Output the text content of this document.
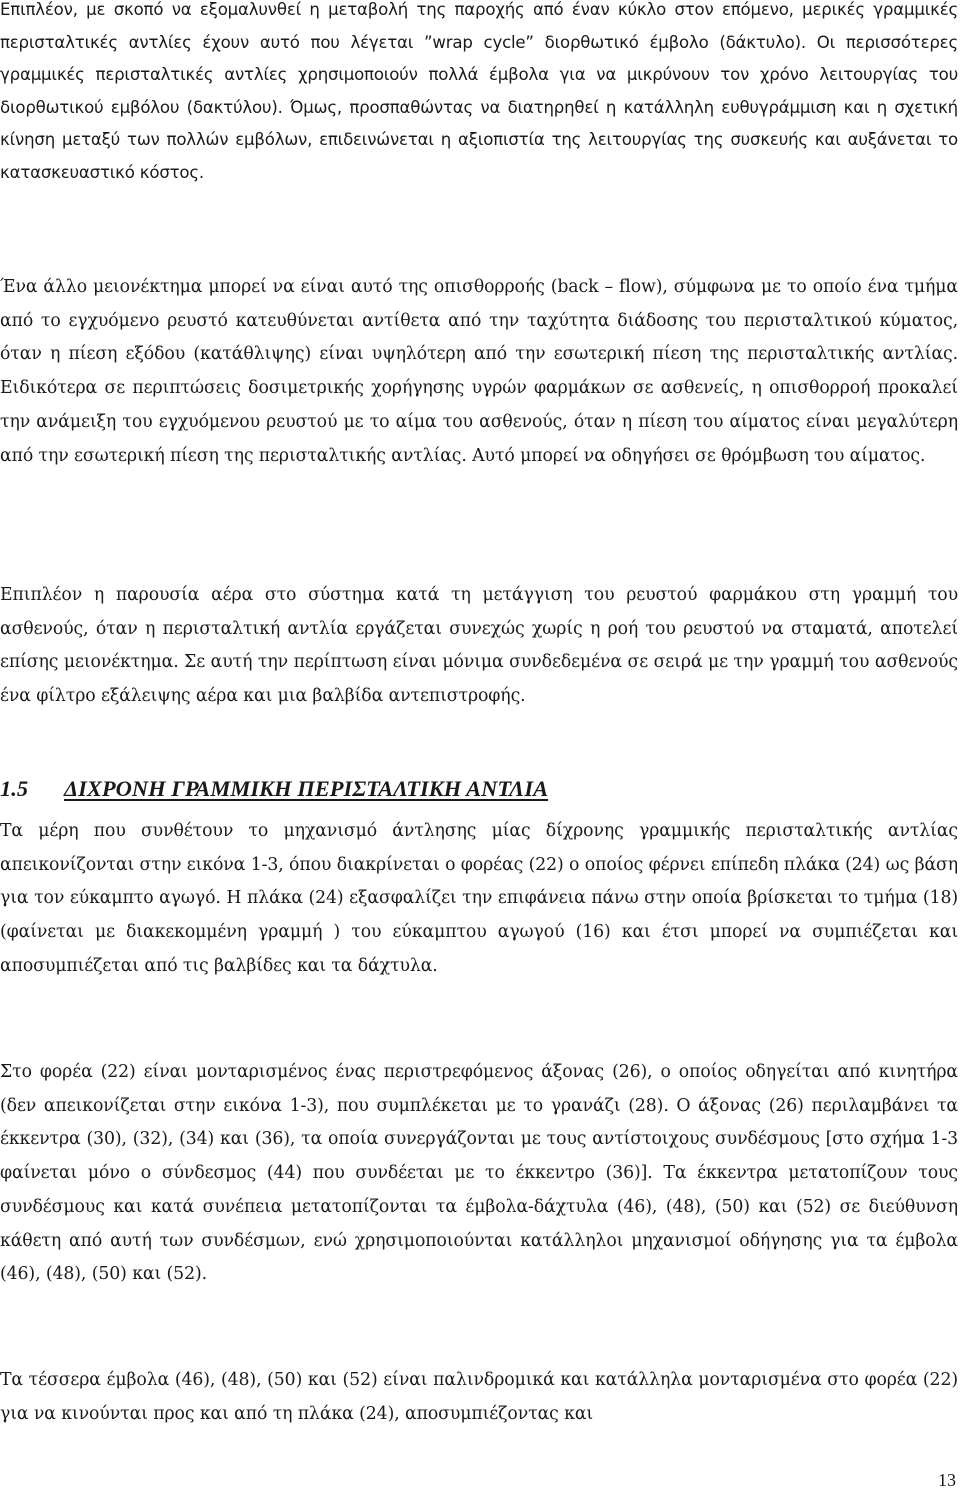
Επιπλέον, με σκοπό να εξομαλυνθεί η μεταβολή της παροχής από έναν κύκλο στον επόμενο, μερικές γραμμικές περισταλτικές αντλίες έχουν αυτό που λέγεται ”wrap cycle” διορθωτικό έμβολο (δάκτυλο). Οι περισσότερες γραμμικές περισταλτικές αντλίες χρησιμοποιούν πολλά έμβολα για να μικρύνουν τον χρόνο λειτουργίας του διορθωτικού εμβόλου (δακτύλου). Όμως, προσπαθώντας να διατηρηθεί η κατάλληλη ευθυγράμμιση και η σχετική κίνηση μεταξύ των πολλών εμβόλων, επιδεινώνεται η αξιοπιστία της λειτουργίας της συσκευής και αυξάνεται το κατασκευαστικό κόστος.

Ένα άλλο μειονέκτημα μπορεί να είναι αυτό της οπισθορροής (back – flow), σύμφωνα με το οποίο ένα τμήμα από το εγχυόμενο ρευστό κατευθύνεται αντίθετα από την ταχύτητα διάδοσης του περισταλτικού κύματος, όταν η πίεση εξόδου (κατάθλιψης) είναι υψηλότερη από την εσωτερική πίεση της περισταλτικής αντλίας. Ειδικότερα σε περιπτώσεις δοσιμετρικής χορήγησης υγρών φαρμάκων σε ασθενείς, η οπισθορροή προκαλεί την ανάμειξη του εγχυόμενου ρευστού με το αίμα του ασθενούς, όταν η πίεση του αίματος είναι μεγαλύτερη από την εσωτερική πίεση της περισταλτικής αντλίας. Αυτό μπορεί να οδηγήσει σε θρόμβωση του αίματος.

Επιπλέον η παρουσία αέρα στο σύστημα κατά τη μετάγγιση του ρευστού φαρμάκου στη γραμμή του ασθενούς, όταν η περισταλτική αντλία εργάζεται συνεχώς χωρίς η ροή του ρευστού να σταματά, αποτελεί επίσης μειονέκτημα. Σε αυτή την περίπτωση είναι μόνιμα συνδεδεμένα σε σειρά με την γραμμή του ασθενούς ένα φίλτρο εξάλειψης αέρα και μια βαλβίδα αντεπιστροφής.

1.5 ΔΙΧΡΟΝΗ ΓΡΑΜΜΙΚΗ ΠΕΡΙΣΤΑΛΤΙΚΗ ΑΝΤΛΙΑ

Τα μέρη που συνθέτουν το μηχανισμό άντλησης μίας δίχρονης γραμμικής περισταλτικής αντλίας απεικονίζονται στην εικόνα 1-3, όπου διακρίνεται ο φορέας (22) ο οποίος φέρνει επίπεδη πλάκα (24) ως βάση για τον εύκαμπτο αγωγό. Η πλάκα (24) εξασφαλίζει την επιφάνεια πάνω στην οποία βρίσκεται το τμήμα (18) (φαίνεται με διακεκομμένη γραμμή ) του εύκαμπτου αγωγού (16) και έτσι μπορεί να συμπιέζεται και αποσυμπιέζεται από τις βαλβίδες και τα δάχτυλα.

Στο φορέα (22) είναι μονταρισμένος ένας περιστρεφόμενος άξονας (26), ο οποίος οδηγείται από κινητήρα (δεν απεικονίζεται στην εικόνα 1-3), που συμπλέκεται με το γρανάζι (28). Ο άξονας (26) περιλαμβάνει τα έκκεντρα (30), (32), (34) και (36), τα οποία συνεργάζονται με τους αντίστοιχους συνδέσμους [στο σχήμα 1-3 φαίνεται μόνο ο σύνδεσμος (44) που συνδέεται με το έκκεντρο (36)]. Τα έκκεντρα μετατοπίζουν τους συνδέσμους και κατά συνέπεια μετατοπίζονται τα έμβολα-δάχτυλα (46), (48), (50) και (52) σε διεύθυνση κάθετη από αυτή των συνδέσμων, ενώ χρησιμοποιούνται κατάλληλοι μηχανισμοί οδήγησης για τα έμβολα (46), (48), (50) και (52).

Τα τέσσερα έμβολα (46), (48), (50) και (52) είναι παλινδρομικά και κατάλληλα μονταρισμένα στο φορέα (22) για να κινούνται προς και από τη πλάκα (24), αποσυμπιέζοντας και

13
